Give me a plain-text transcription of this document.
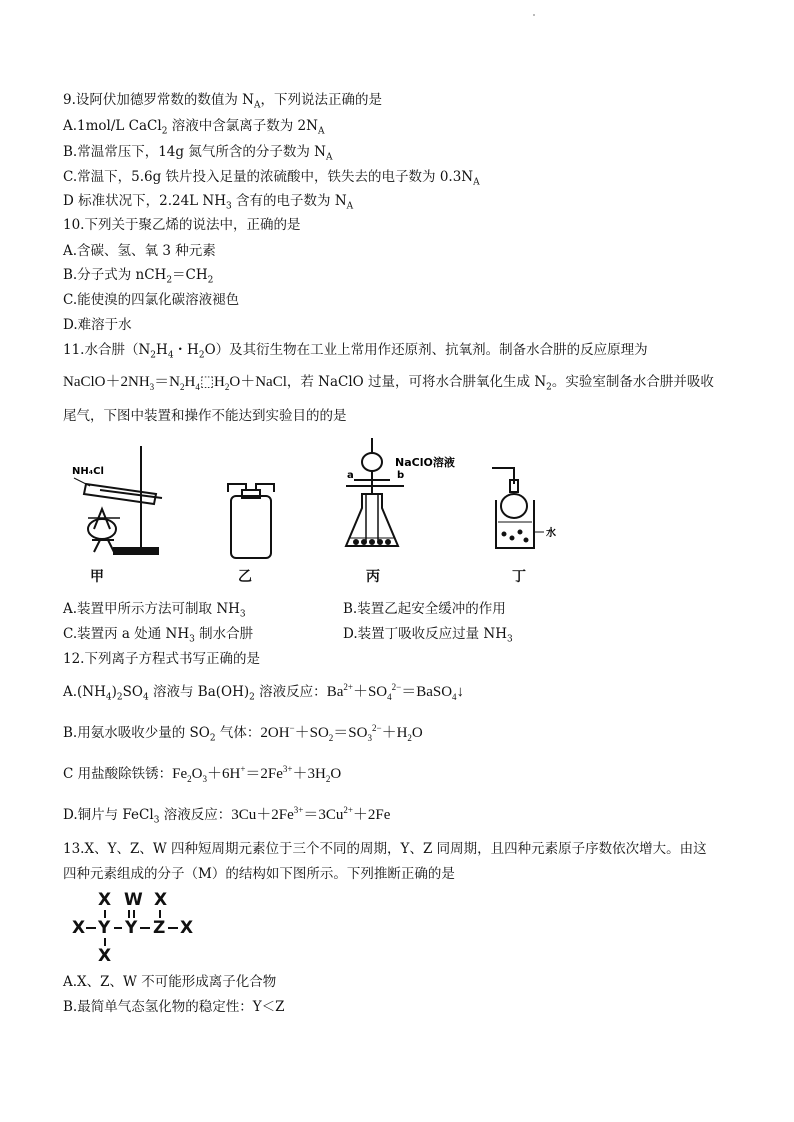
9.设阿伏加德罗常数的数值为 $N_A$，下列说法正确的是
A.1mol/L CaCl$_2$ 溶液中含氯离子数为 $2N_A$
B.常温常压下，14g 氮气所含的分子数为 $N_A$
C.常温下，5.6g 铁片投入足量的浓硫酸中，铁失去的电子数为 $0.3N_A$
D 标准状况下，2.24L $NH_3$ 含有的电子数为 $N_A$
10.下列关于聚乙烯的说法中，正确的是
A.含碳、氢、氧 3 种元素
B.分子式为 $nCH_2=CH_2$
C.能使溴的四氯化碳溶液褪色
D.难溶于水
11.水合肼（$N_2H_4$・$H_2O$）及其衍生物在工业上常用作还原剂、抗氧剂。制备水合肼的反应原理为
$NaClO+2NH_3=N_2H_4⬚H_2O+NaCl$，若 NaClO 过量，可将水合肼氧化生成 $N_2$。实验室制备水合肼并吸收
尾气，下图中装置和操作不能达到实验目的的是
NH₄Cl
NaClO溶液
a	b
水
甲	乙	丙	丁
A.装置甲所示方法可制取 $NH_3$	B.装置乙起安全缓冲的作用
C.装置丙 a 处通 $NH_3$ 制水合肼	D.装置丁吸收反应过量 $NH_3$
12.下列离子方程式书写正确的是
$A.(NH_4)_2SO_4$ 溶液与 $Ba(OH)_2$ 溶液反应：$Ba^{2+}+SO_4^{2-}=BaSO_4↓$
B.用氨水吸收少量的 $SO_2$ 气体：$2OH^-+SO_2=SO_3^{2-}+H_2O$
C 用盐酸除铁锈：$Fe_2O_3+6H^+=2Fe^{3+}+3H_2O$
D.铜片与 FeCl$_3$ 溶液反应：$3Cu+2Fe^{3+}=3Cu^{2+}+2Fe$
13.X、Y、Z、W 四种短周期元素位于三个不同的周期，Y、Z 同周期，且四种元素原子序数依次增大。由这
四种元素组成的分子（M）的结构如下图所示。下列推断正确的是
X W X
X Y Y Z X
X
A.X、Z、W 不可能形成离子化合物
B.最简单气态氢化物的稳定性：Y＜Z
